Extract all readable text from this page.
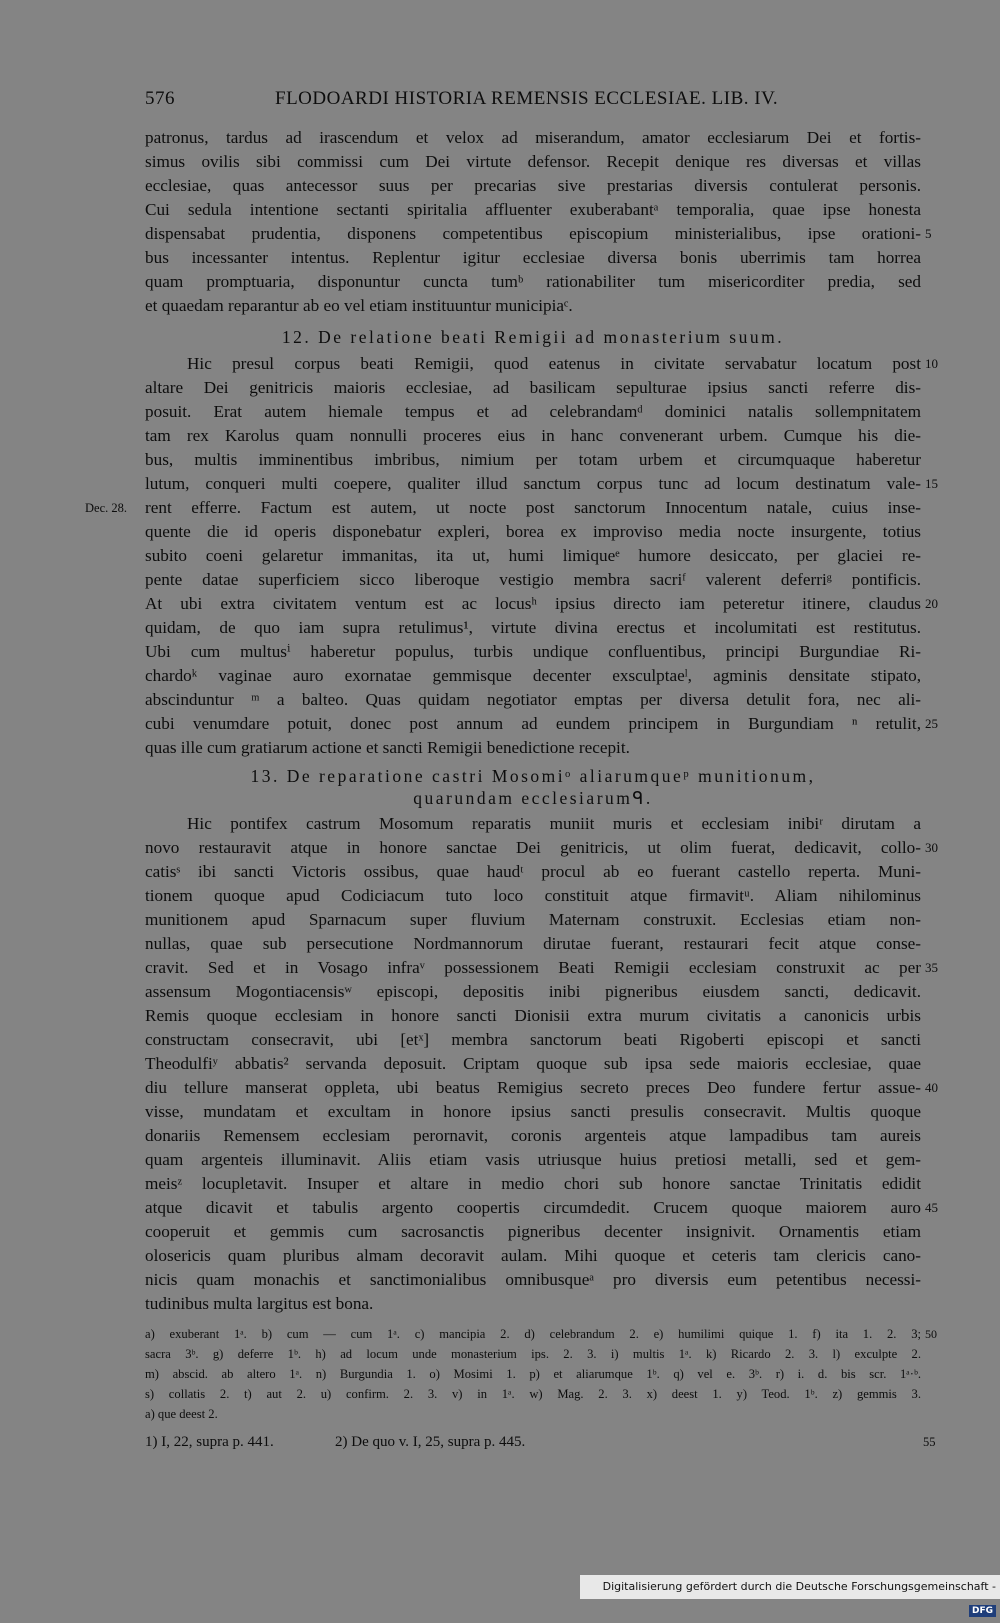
576	FLODOARDI HISTORIA REMENSIS ECCLESIAE. LIB. IV.
patronus, tardus ad irascendum et velox ad miserandum, amator ecclesiarum Dei et fortis-
simus ovilis sibi commissi cum Dei virtute defensor. Recepit denique res diversas et villas
ecclesiae, quas antecessor suus per precarias sive prestarias diversis contulerat personis.
Cui sedula intentione sectanti spiritalia affluenter exuberabantᵃ temporalia, quae ipse honesta
dispensabat prudentia, disponens competentibus episcopium ministerialibus, ipse orationi-
bus incessanter intentus. Replentur igitur ecclesiae diversa bonis uberrimis tam horrea
quam promptuaria, disponuntur cuncta tumᵇ rationabiliter tum misericorditer predia, sed
et quaedam reparantur ab eo vel etiam instituuntur municipiaᶜ.
5
12. De relatione beati Remigii ad monasterium suum.
Hic presul corpus beati Remigii, quod eatenus in civitate servabatur locatum post
altare Dei genitricis maioris ecclesiae, ad basilicam sepulturae ipsius sancti referre dis-
posuit. Erat autem hiemale tempus et ad celebrandamᵈ dominici natalis sollempnitatem
tam rex Karolus quam nonnulli proceres eius in hanc convenerant urbem. Cumque his die-
bus, multis imminentibus imbribus, nimium per totam urbem et circumquaque haberetur
lutum, conqueri multi coepere, qualiter illud sanctum corpus tunc ad locum destinatum vale-
rent efferre. Factum est autem, ut nocte post sanctorum Innocentum natale, cuius inse-
quente die id operis disponebatur expleri, borea ex improviso media nocte insurgente, totius
subito coeni gelaretur immanitas, ita ut, humi limiqueᵉ humore desiccato, per glaciei re-
pente datae superficiem sicco liberoque vestigio membra sacriᶠ valerent deferriᵍ pontificis.
At ubi extra civitatem ventum est ac locusʰ ipsius directo iam peteretur itinere, claudus
quidam, de quo iam supra retulimus¹, virtute divina erectus et incolumitati est restitutus.
Ubi cum multusⁱ haberetur populus, turbis undique confluentibus, principi Burgundiae Ri-
chardoᵏ vaginae auro exornatae gemmisque decenter exsculptaeˡ, agminis densitate stipato,
abscinduntur ᵐ a balteo. Quas quidam negotiator emptas per diversa detulit fora, nec ali-
cubi venumdare potuit, donec post annum ad eundem principem in Burgundiam ⁿ retulit,
quas ille cum gratiarum actione et sancti Remigii benedictione recepit.
Dec. 28.
10
15
20
25
13. De reparatione castri Mosomiᵒ aliarumqueᵖ munitionum,
quarundam ecclesiarumᑫ.
Hic pontifex castrum Mosomum reparatis muniit muris et ecclesiam inibiʳ dirutam a
novo restauravit atque in honore sanctae Dei genitricis, ut olim fuerat, dedicavit, collo-
catisˢ ibi sancti Victoris ossibus, quae haudᵗ procul ab eo fuerant castello reperta. Muni-
tionem quoque apud Codiciacum tuto loco constituit atque firmavitᵘ. Aliam nihilominus
munitionem apud Sparnacum super fluvium Maternam construxit. Ecclesias etiam non-
nullas, quae sub persecutione Nordmannorum dirutae fuerant, restaurari fecit atque conse-
cravit. Sed et in Vosago infraᵛ possessionem Beati Remigii ecclesiam construxit ac per
assensum Mogontiacensisʷ episcopi, depositis inibi pigneribus eiusdem sancti, dedicavit.
Remis quoque ecclesiam in honore sancti Dionisii extra murum civitatis a canonicis urbis
constructam consecravit, ubi [etˣ] membra sanctorum beati Rigoberti episcopi et sancti
Theodulfiʸ abbatis² servanda deposuit. Criptam quoque sub ipsa sede maioris ecclesiae, quae
diu tellure manserat oppleta, ubi beatus Remigius secreto preces Deo fundere fertur assue-
visse, mundatam et excultam in honore ipsius sancti presulis consecravit. Multis quoque
donariis Remensem ecclesiam perornavit, coronis argenteis atque lampadibus tam aureis
quam argenteis illuminavit. Aliis etiam vasis utriusque huius pretiosi metalli, sed et gem-
meisᶻ locupletavit. Insuper et altare in medio chori sub honore sanctae Trinitatis edidit
atque dicavit et tabulis argento coopertis circumdedit. Crucem quoque maiorem auro
cooperuit et gemmis cum sacrosanctis pigneribus decenter insignivit. Ornamentis etiam
olosericis quam pluribus almam decoravit aulam. Mihi quoque et ceteris tam clericis cano-
nicis quam monachis et sanctimonialibus omnibusqueᵃ pro diversis eum petentibus necessi-
tudinibus multa largitus est bona.
30
35
40
45
a) exuberant 1ᵃ. b) cum — cum 1ᵃ. c) mancipia 2. d) celebrandum 2. e) humilimi quique 1. f) ita 1. 2. 3;
sacra 3ᵇ. g) deferre 1ᵇ. h) ad locum unde monasterium ips. 2. 3. i) multis 1ᵃ. k) Ricardo 2. 3. l) exculpte 2.
m) abscid. ab altero 1ᵃ. n) Burgundia 1. o) Mosimi 1. p) et aliarumque 1ᵇ. q) vel e. 3ᵇ. r) i. d. bis scr. 1ᵃ·ᵇ.
s) collatis 2. t) aut 2. u) confirm. 2. 3. v) in 1ᵃ. w) Mag. 2. 3. x) deest 1. y) Teod. 1ᵇ. z) gemmis 3.
a) que deest 2.
50
1) I, 22, supra p. 441.	2) De quo v. I, 25, supra p. 445.	55
Digitalisierung gefördert durch die Deutsche Forschungsgemeinschaft - DFG
